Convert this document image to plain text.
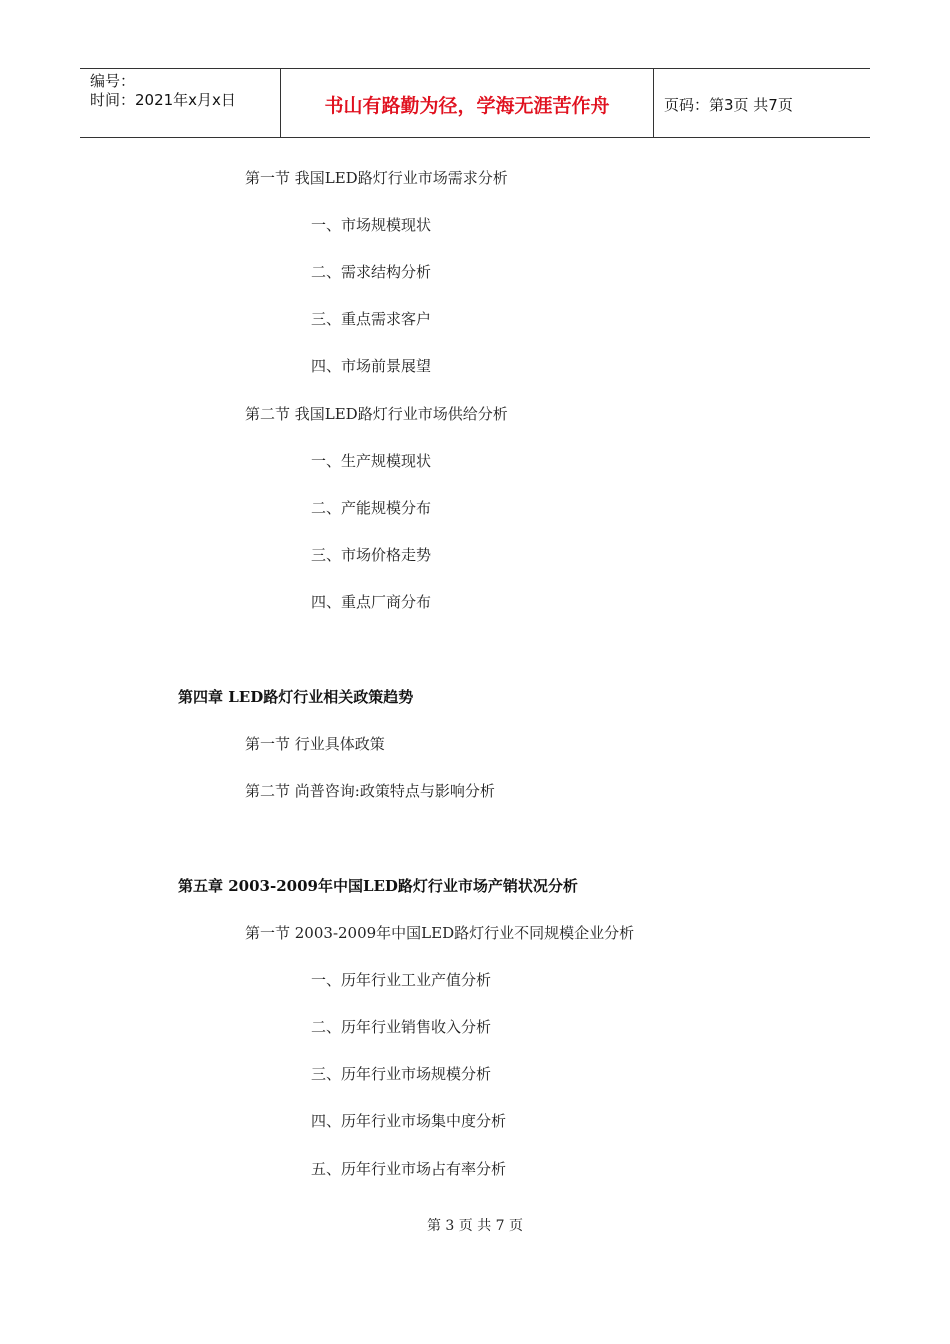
编号：
时间：2021年x月x日	书山有路勤为径，学海无涯苦作舟	页码：第3页 共7页
第一节 我国LED路灯行业市场需求分析
一、市场规模现状
二、需求结构分析
三、重点需求客户
四、市场前景展望
第二节 我国LED路灯行业市场供给分析
一、生产规模现状
二、产能规模分布
三、市场价格走势
四、重点厂商分布
第四章 LED路灯行业相关政策趋势
第一节 行业具体政策
第二节 尚普咨询:政策特点与影响分析
第五章 2003-2009年中国LED路灯行业市场产销状况分析
第一节 2003-2009年中国LED路灯行业不同规模企业分析
一、历年行业工业产值分析
二、历年行业销售收入分析
三、历年行业市场规模分析
四、历年行业市场集中度分析
五、历年行业市场占有率分析
第 3 页 共 7 页
